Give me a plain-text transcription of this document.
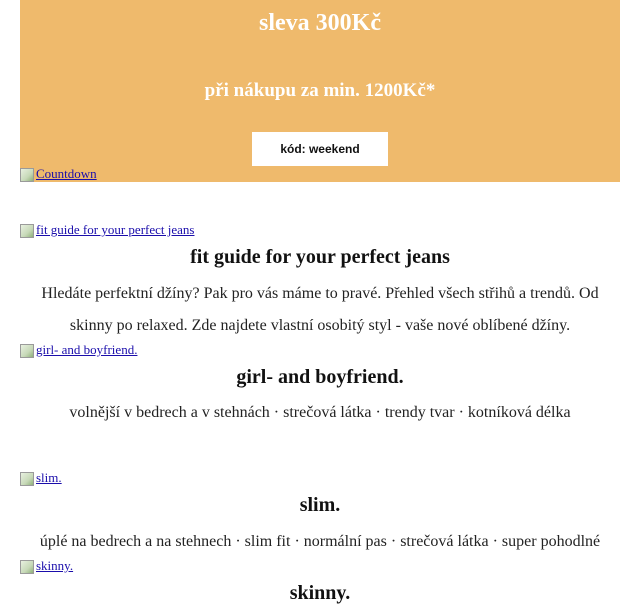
sleva 300Kč
při nákupu za min. 1200Kč*
kód: weekend
Countdown
fit guide for your perfect jeans
fit guide for your perfect jeans

Hledáte perfektní džíny? Pak pro vás máme to pravé. Přehled všech střihů a trendů. Od skinny po relaxed. Zde najdete vlastní osobitý styl - vaše nové oblíbené džíny.

girl- and boyfriend.
girl- and boyfriend.

volnější v bedrech a v stehnách · strečová látka · trendy tvar · kotníková délka

slim.
slim.

úplé na bedrech a na stehnech · slim fit · normální pas · strečová látka · super pohodlné

skinny.
skinny.
